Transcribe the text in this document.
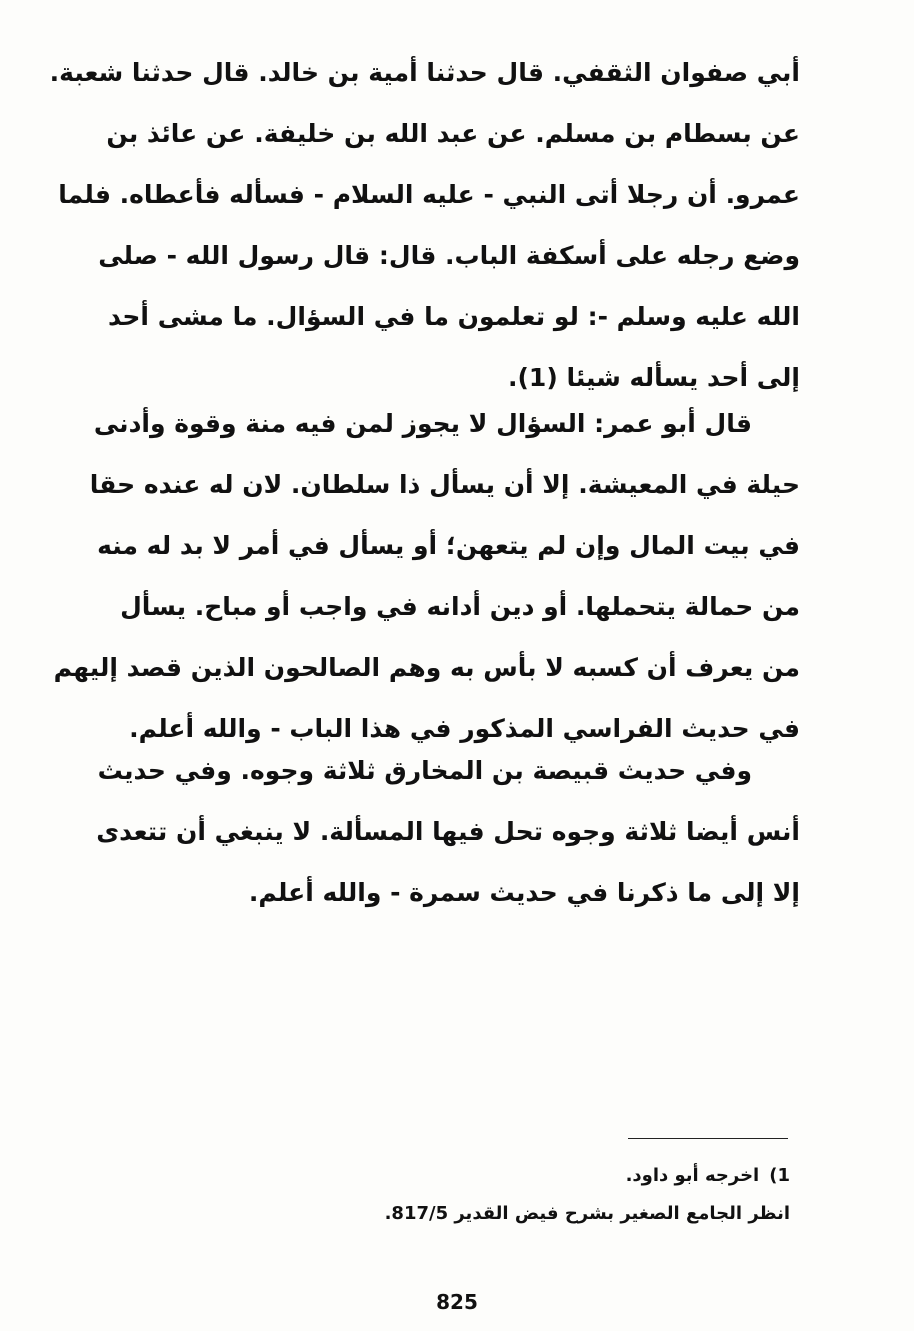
أبي صفوان الثقفي. قال حدثنا أمية بن خالد. قال حدثنا شعبة.
عن بسطام بن مسلم. عن عبد الله بن خليفة. عن عائذ بن
عمرو. أن رجلا أتى النبي - عليه السلام - فسأله فأعطاه. فلما
وضع رجله على أسكفة الباب. قال: قال رسول الله - صلى
الله عليه وسلم -: لو تعلمون ما في السؤال. ما مشى أحد
إلى أحد يسأله شيئا (1).
قال أبو عمر: السؤال لا يجوز لمن فيه منة وقوة وأدنى
حيلة في المعيشة. إلا أن يسأل ذا سلطان. لان له عنده حقا
في بيت المال وإن لم يتعهن؛ أو يسأل في أمر لا بد له منه
من حمالة يتحملها. أو دين أدانه في واجب أو مباح. يسأل
من يعرف أن كسبه لا بأس به وهم الصالحون الذين قصد إليهم
في حديث الفراسي المذكور في هذا الباب - والله أعلم.
وفي حديث قبيصة بن المخارق ثلاثة وجوه. وفي حديث
أنس أيضا ثلاثة وجوه تحل فيها المسألة. لا ينبغي أن تتعدى
إلا إلى ما ذكرنا في حديث سمرة - والله أعلم.
1)اخرجه أبو داود.
انظر الجامع الصغير بشرح فيض القدير 817/5.
825
